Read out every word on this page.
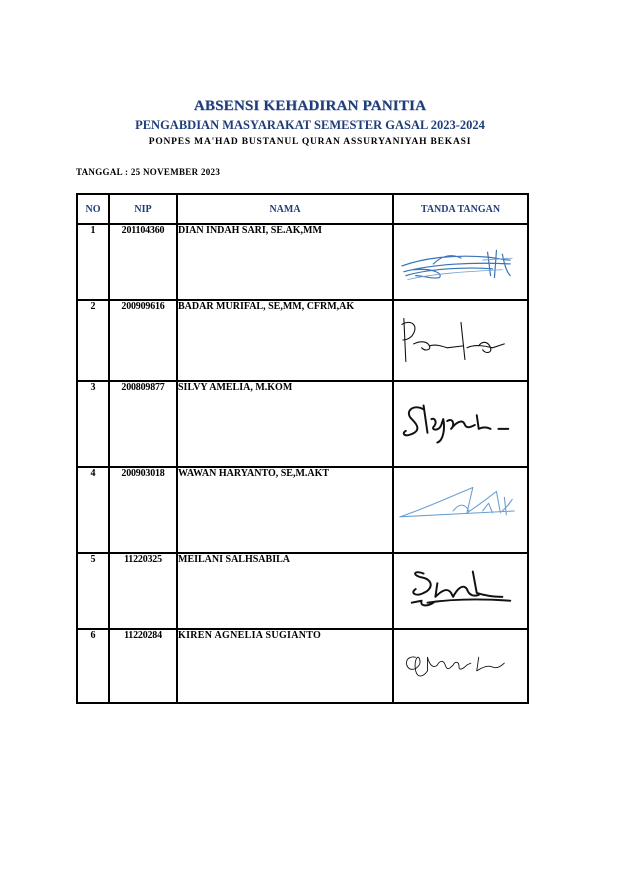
ABSENSI KEHADIRAN PANITIA
PENGABDIAN MASYARAKAT SEMESTER GASAL 2023-2024
PONPES MA'HAD BUSTANUL QURAN ASSURYANIYAH BEKASI
TANGGAL : 25 NOVEMBER 2023
NO	NIP	NAMA	TANDA TANGAN
1	201104360	DIAN INDAH SARI, SE.AK,MM	

2	200909616	BADAR MURIFAL, SE,MM, CFRM,AK	

3	200809877	SILVY AMELIA, M.KOM	

4	200903018	WAWAN HARYANTO, SE,M.AKT	

5	11220325	MEILANI SALHSABILA	

6	11220284	KIREN AGNELIA SUGIANTO	
